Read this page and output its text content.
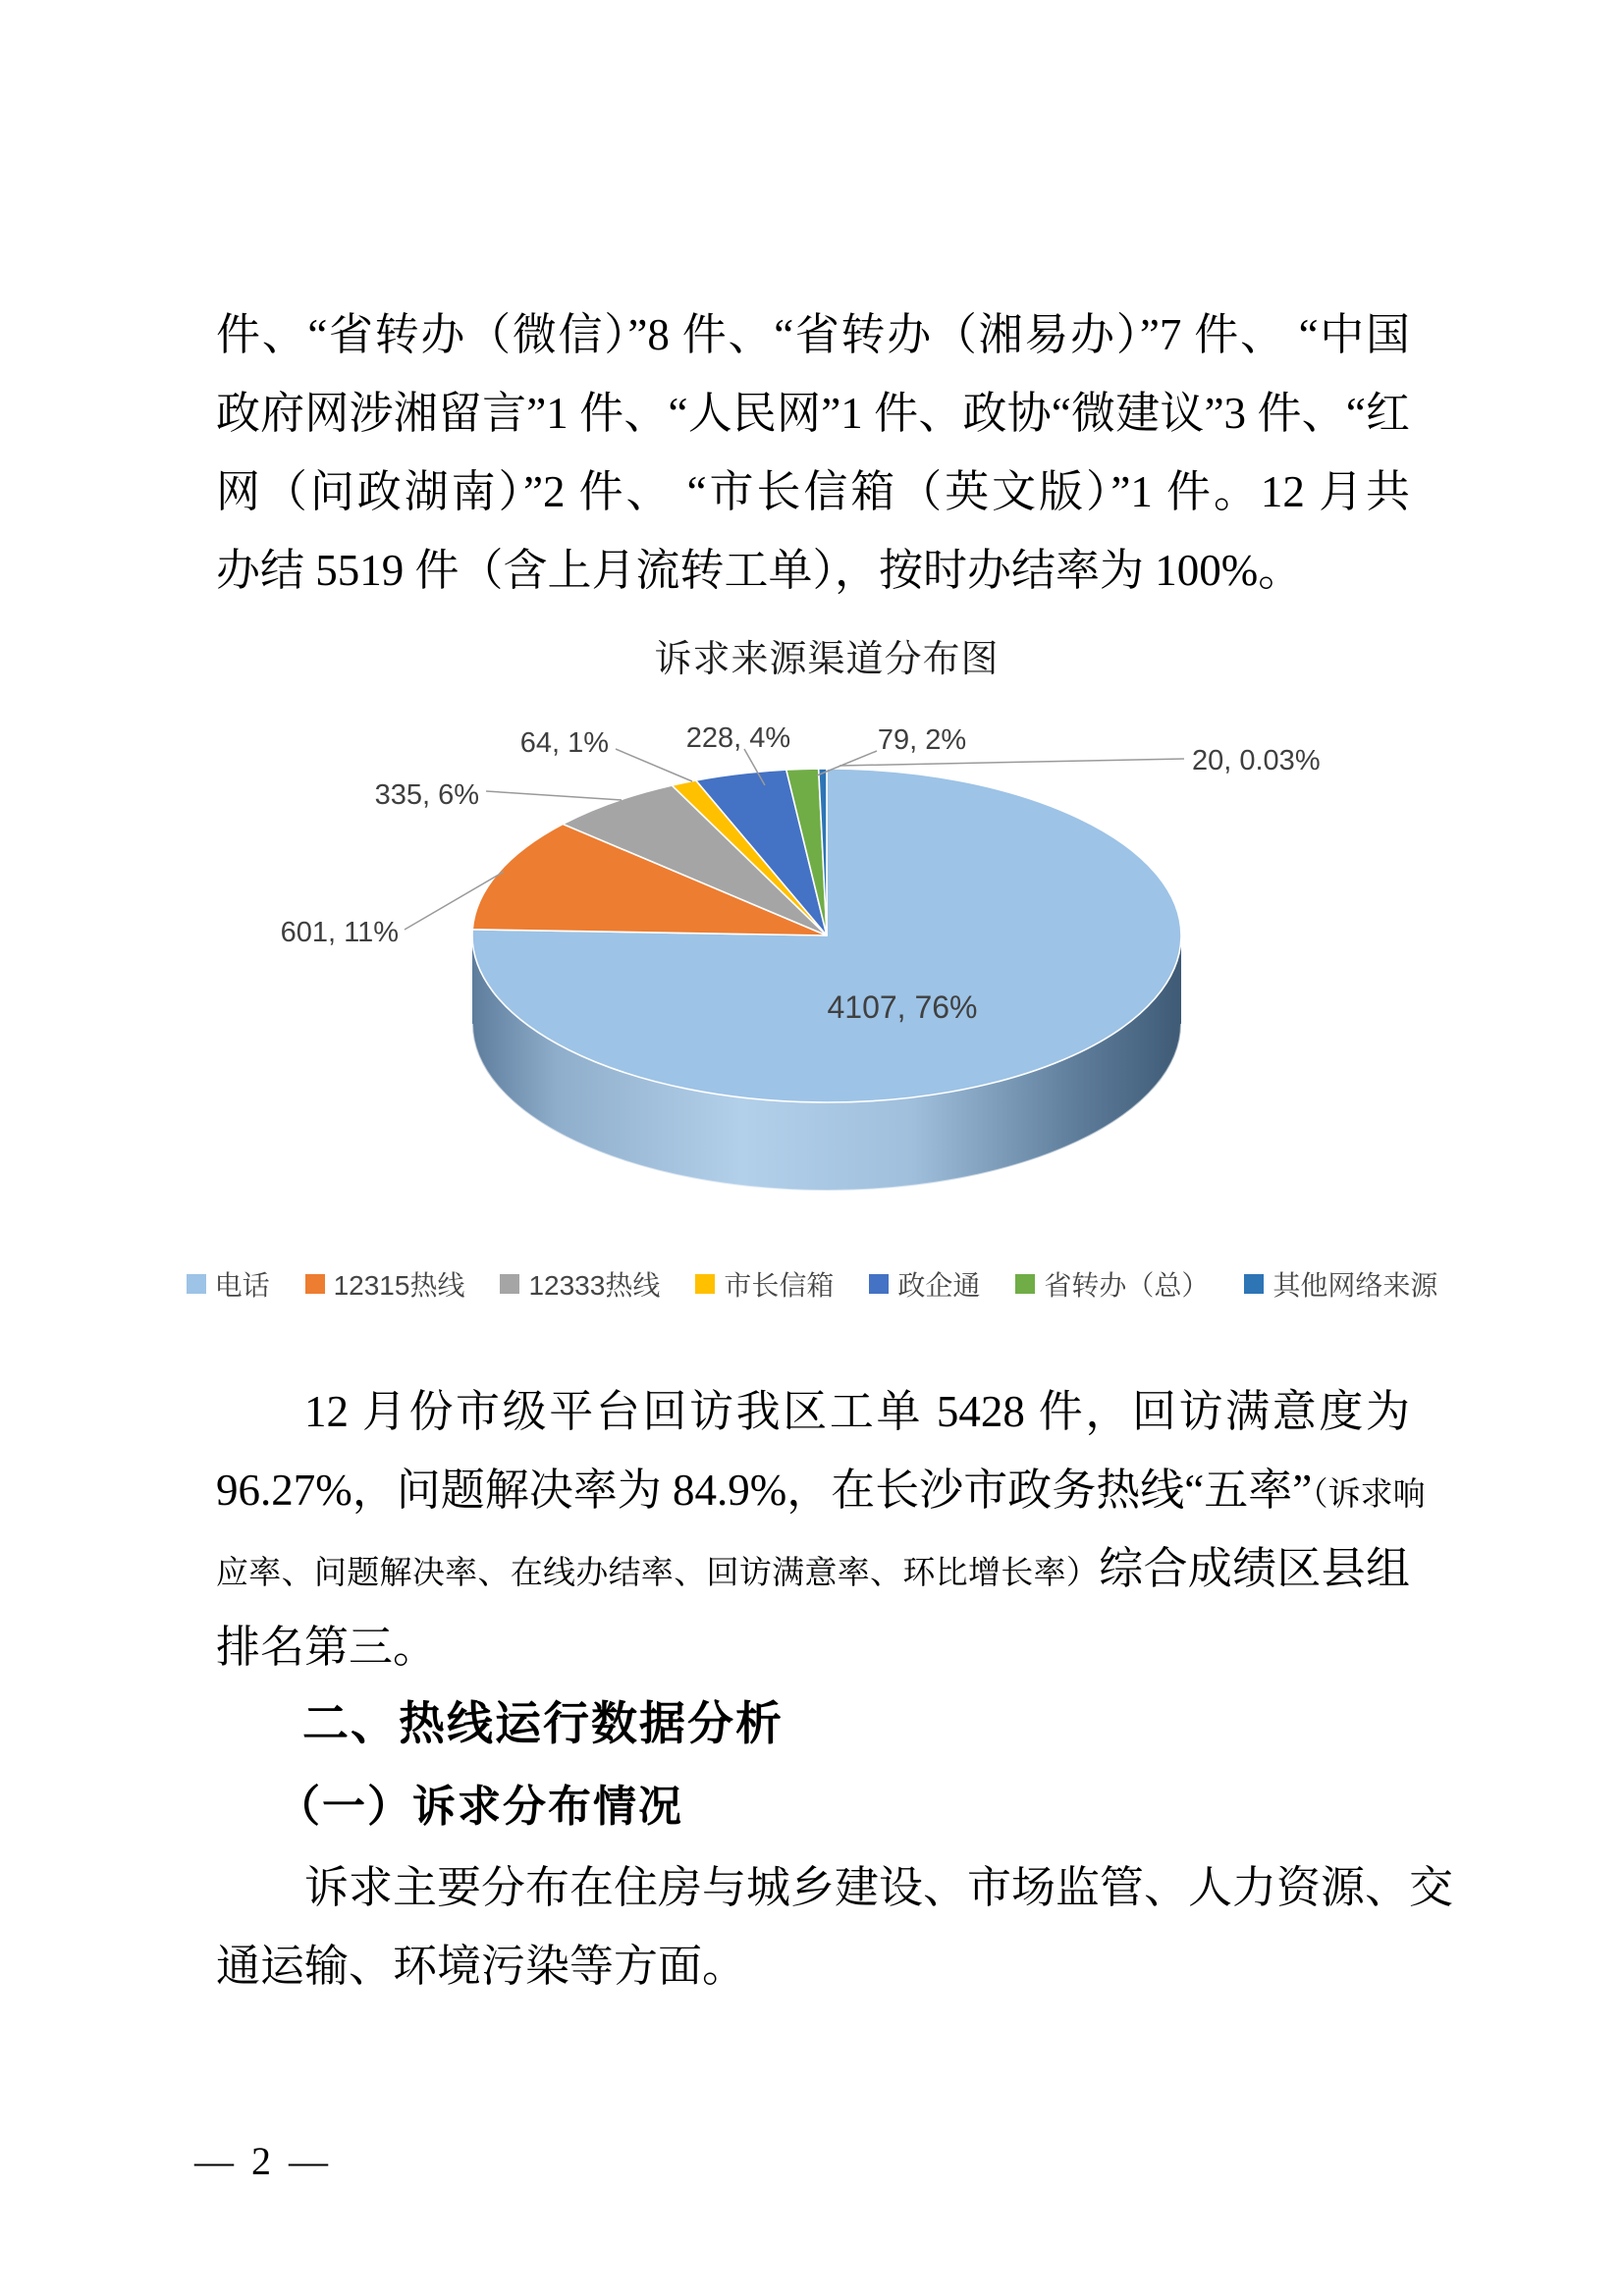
件、“省转办（微信）”8 件、“省转办（湘易办）”7 件、 “中国
政府网涉湘留言”1 件、“人民网”1 件、政协“微建议”3 件、“红
网（问政湖南）”2 件、 “市长信箱（英文版）”1 件。12 月共
办结 5519 件（含上月流转工单），按时办结率为 100%。
诉求来源渠道分布图
64, 1%	228, 4%	79, 2%
20, 0.03%
335, 6%
601, 11%
4107, 76%
电话 12315热线 12333热线 市长信箱 政企通 省转办（总） 其他网络来源
12 月份市级平台回访我区工单 5428 件，回访满意度为
96.27%，问题解决率为 84.9%，在长沙市政务热线“五率”（诉求响
应率、问题解决率、在线办结率、回访满意率、环比增长率）综合成绩区县组
排名第三。
二、热线运行数据分析
（一）诉求分布情况
诉求主要分布在住房与城乡建设、市场监管、人力资源、交
通运输、环境污染等方面。
— 2 —
